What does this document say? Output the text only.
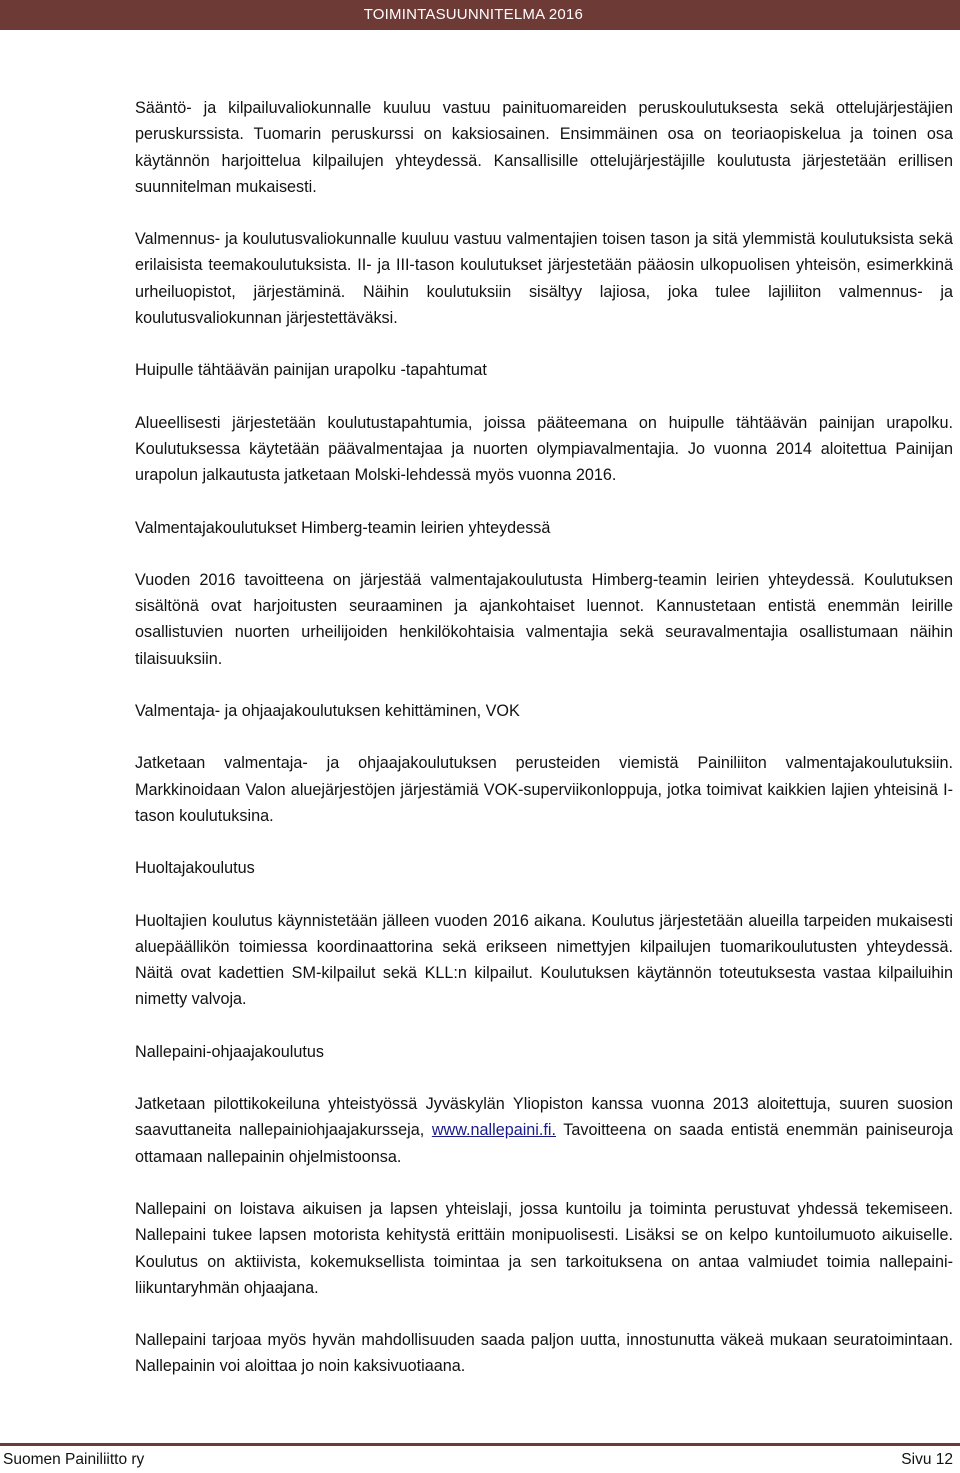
TOIMINTASUUNNITELMA 2016

Sääntö- ja kilpailuvaliokunnalle kuuluu vastuu painituomareiden peruskoulutuksesta sekä ottelujärjestäjien peruskurssista. Tuomarin peruskurssi on kaksiosainen. Ensimmäinen osa on teoriaopiskelua ja toinen osa käytännön harjoittelua kilpailujen yhteydessä. Kansallisille ottelujärjestäjille koulutusta järjestetään erillisen suunnitelman mukaisesti.

Valmennus- ja koulutusvaliokunnalle kuuluu vastuu valmentajien toisen tason ja sitä ylemmistä koulutuksista sekä erilaisista teemakoulutuksista. II- ja III-tason koulutukset järjestetään pääosin ulkopuolisen yhteisön, esimerkkinä urheiluopistot, järjestäminä. Näihin koulutuksiin sisältyy lajiosa, joka tulee lajiliiton valmennus- ja koulutusvaliokunnan järjestettäväksi.

Huipulle tähtäävän painijan urapolku -tapahtumat

Alueellisesti järjestetään koulutustapahtumia, joissa pääteemana on huipulle tähtäävän painijan urapolku. Koulutuksessa käytetään päävalmentajaa ja nuorten olympiavalmentajia. Jo vuonna 2014 aloitettua Painijan urapolun jalkautusta jatketaan Molski-lehdessä myös vuonna 2016.

Valmentajakoulutukset Himberg-teamin leirien yhteydessä

Vuoden 2016 tavoitteena on järjestää valmentajakoulutusta Himberg-teamin leirien yhteydessä. Koulutuksen sisältönä ovat harjoitusten seuraaminen ja ajankohtaiset luennot. Kannustetaan entistä enemmän leirille osallistuvien nuorten urheilijoiden henkilökohtaisia valmentajia sekä seuravalmentajia osallistumaan näihin tilaisuuksiin.

Valmentaja- ja ohjaajakoulutuksen kehittäminen, VOK

Jatketaan valmentaja- ja ohjaajakoulutuksen perusteiden viemistä Painiliiton valmentajakoulutuksiin. Markkinoidaan Valon aluejärjestöjen järjestämiä VOK-superviikonloppuja, jotka toimivat kaikkien lajien yhteisinä I-tason koulutuksina.

Huoltajakoulutus

Huoltajien koulutus käynnistetään jälleen vuoden 2016 aikana. Koulutus järjestetään alueilla tarpeiden mukaisesti aluepäällikön toimiessa koordinaattorina sekä erikseen nimettyjen kilpailujen tuomarikoulutusten yhteydessä. Näitä ovat kadettien SM-kilpailut sekä KLL:n kilpailut. Koulutuksen käytännön toteutuksesta vastaa kilpailuihin nimetty valvoja.

Nallepaini-ohjaajakoulutus

Jatketaan pilottikokeiluna yhteistyössä Jyväskylän Yliopiston kanssa vuonna 2013 aloitettuja, suuren suosion saavuttaneita nallepainiohjaajakursseja, www.nallepaini.fi. Tavoitteena on saada entistä enemmän painiseuroja ottamaan nallepainin ohjelmistoonsa.

Nallepaini on loistava aikuisen ja lapsen yhteislaji, jossa kuntoilu ja toiminta perustuvat yhdessä tekemiseen. Nallepaini tukee lapsen motorista kehitystä erittäin monipuolisesti. Lisäksi se on kelpo kuntoilumuoto aikuiselle. Koulutus on aktiivista, kokemuksellista toimintaa ja sen tarkoituksena on antaa valmiudet toimia nallepaini-liikuntaryhmän ohjaajana.

Nallepaini tarjoaa myös hyvän mahdollisuuden saada paljon uutta, innostunutta väkeä mukaan seuratoimintaan. Nallepainin voi aloittaa jo noin kaksivuotiaana.

Suomen Painiliitto ry	Sivu 12
